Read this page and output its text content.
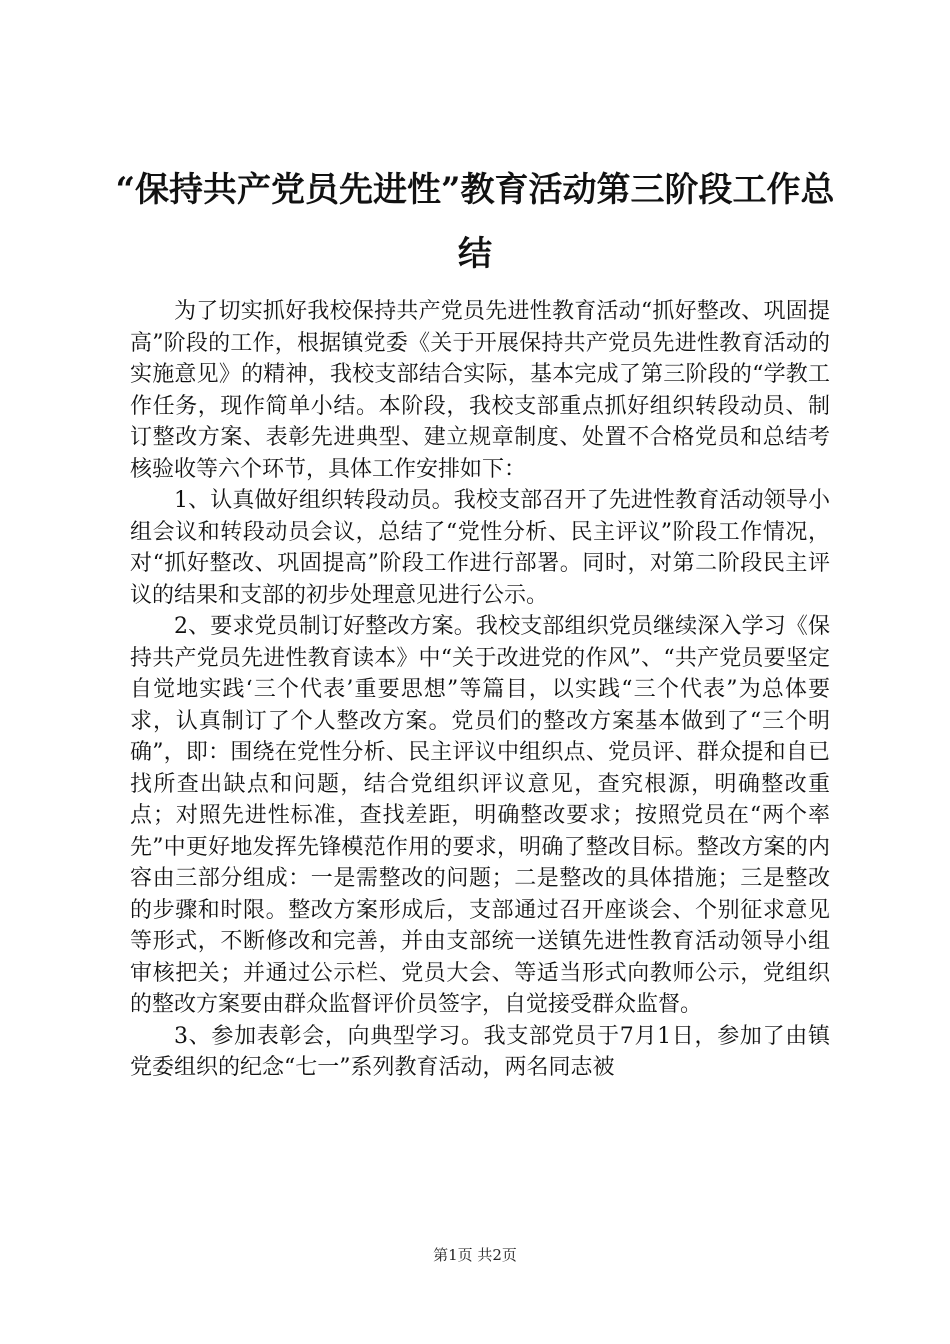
“保持共产党员先进性”教育活动第三阶段工作总结

为了切实抓好我校保持共产党员先进性教育活动“抓好整改、巩固提高”阶段的工作，根据镇党委《关于开展保持共产党员先进性教育活动的实施意见》的精神，我校支部结合实际，基本完成了第三阶段的“学教工作任务，现作简单小结。本阶段，我校支部重点抓好组织转段动员、制订整改方案、表彰先进典型、建立规章制度、处置不合格党员和总结考核验收等六个环节，具体工作安排如下：

1、认真做好组织转段动员。我校支部召开了先进性教育活动领导小组会议和转段动员会议，总结了“党性分析、民主评议”阶段工作情况，对“抓好整改、巩固提高”阶段工作进行部署。同时，对第二阶段民主评议的结果和支部的初步处理意见进行公示。

2、要求党员制订好整改方案。我校支部组织党员继续深入学习《保持共产党员先进性教育读本》中“关于改进党的作风”、“共产党员要坚定自觉地实践‘三个代表’重要思想”等篇目，以实践“三个代表”为总体要求，认真制订了个人整改方案。党员们的整改方案基本做到了“三个明确”，即：围绕在党性分析、民主评议中组织点、党员评、群众提和自已找所查出缺点和问题，结合党组织评议意见，查究根源，明确整改重点；对照先进性标准，查找差距，明确整改要求；按照党员在“两个率先”中更好地发挥先锋模范作用的要求，明确了整改目标。整改方案的内容由三部分组成：一是需整改的问题；二是整改的具体措施；三是整改的步骤和时限。整改方案形成后，支部通过召开座谈会、个别征求意见等形式，不断修改和完善，并由支部统一送镇先进性教育活动领导小组审核把关；并通过公示栏、党员大会、等适当形式向教师公示，党组织的整改方案要由群众监督评价员签字，自觉接受群众监督。

3、参加表彰会，向典型学习。我支部党员于7月1日，参加了由镇党委组织的纪念“七一”系列教育活动，两名同志被

第1页 共2页
